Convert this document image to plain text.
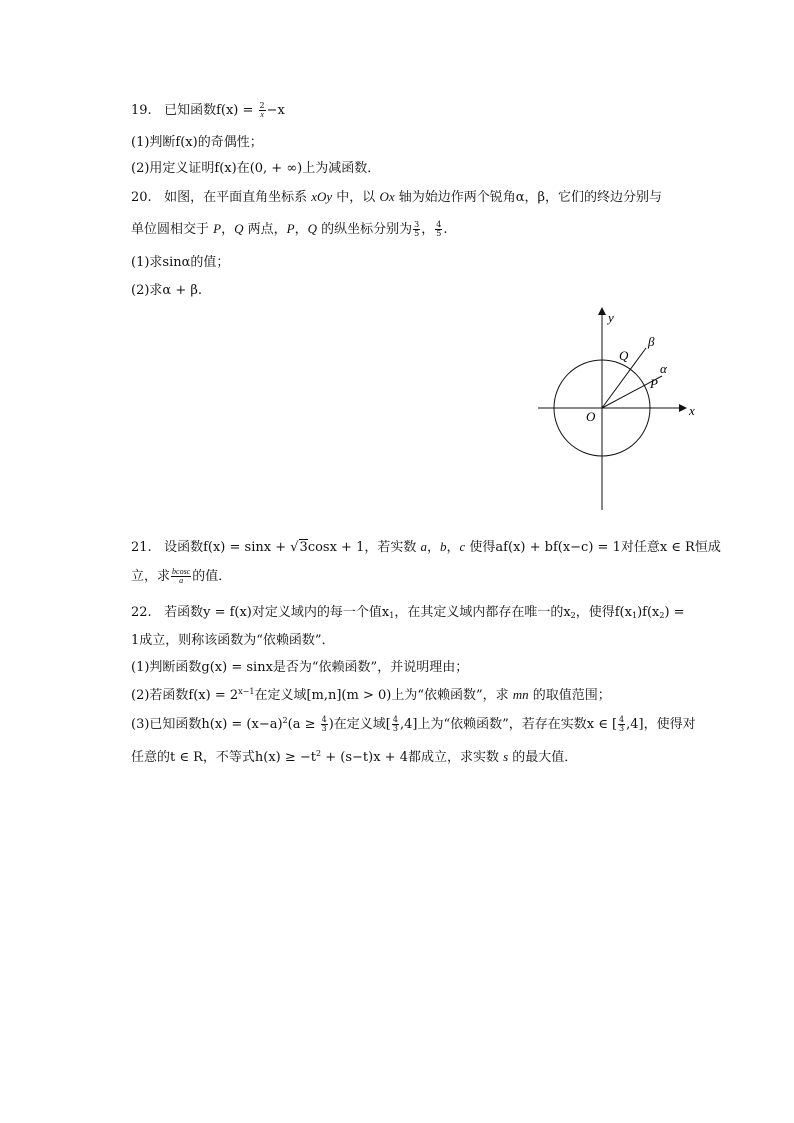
19. 已知函数$f(x) = \frac{2}{x} -x$
(1)判断f(x)的奇偶性；
(2)用定义证明f(x)在(0, + ∞)上为减函数．
20. 如图，在平面直角坐标系 xOy 中，以 Ox 轴为始边作两个锐角α，β，它们的终边分别与
单位圆相交于 P，Q 两点，P，Q 的纵坐标分别为 $\frac{3}{5}$ ， $\frac{4}{5}$ .
(1)求sinα的值；
(2)求α + β.
y
x
O
Q
P
β
α
21. 设函数f(x) = sinx + √3cosx + 1，若实数 a，b，c 使得af(x) + bf(x−c) = 1对任意x ∈ R恒成
立，求 $\frac{bcosc}{a}$ 的值．
22. 若函数y = f(x)对定义域内的每一个值$x_1$，在其定义域内都存在唯一的$x_2$，使得$f(x_1)f(x_2)$ =
1成立，则称该函数为“依赖函数”．
(1)判断函数g(x) = sinx是否为“依赖函数”，并说明理由；
(2)若函数$f(x) = 2^{x-1}$在定义域[m,n](m > 0)上为“依赖函数”，求 mn 的取值范围；
(3)已知函数$h(x) = (x-a)^2(a \ge \frac{4}{3}$ )在定义域[ $\frac{4}{3} ,4$]上为“依赖函数”，若存在实数x ∈ [ $\frac{4}{3} ,4$]，使得对
任意的t ∈ R，不等式$h(x) \ge -t^2 + (s-t)x + 4$都成立，求实数 s 的最大值．
